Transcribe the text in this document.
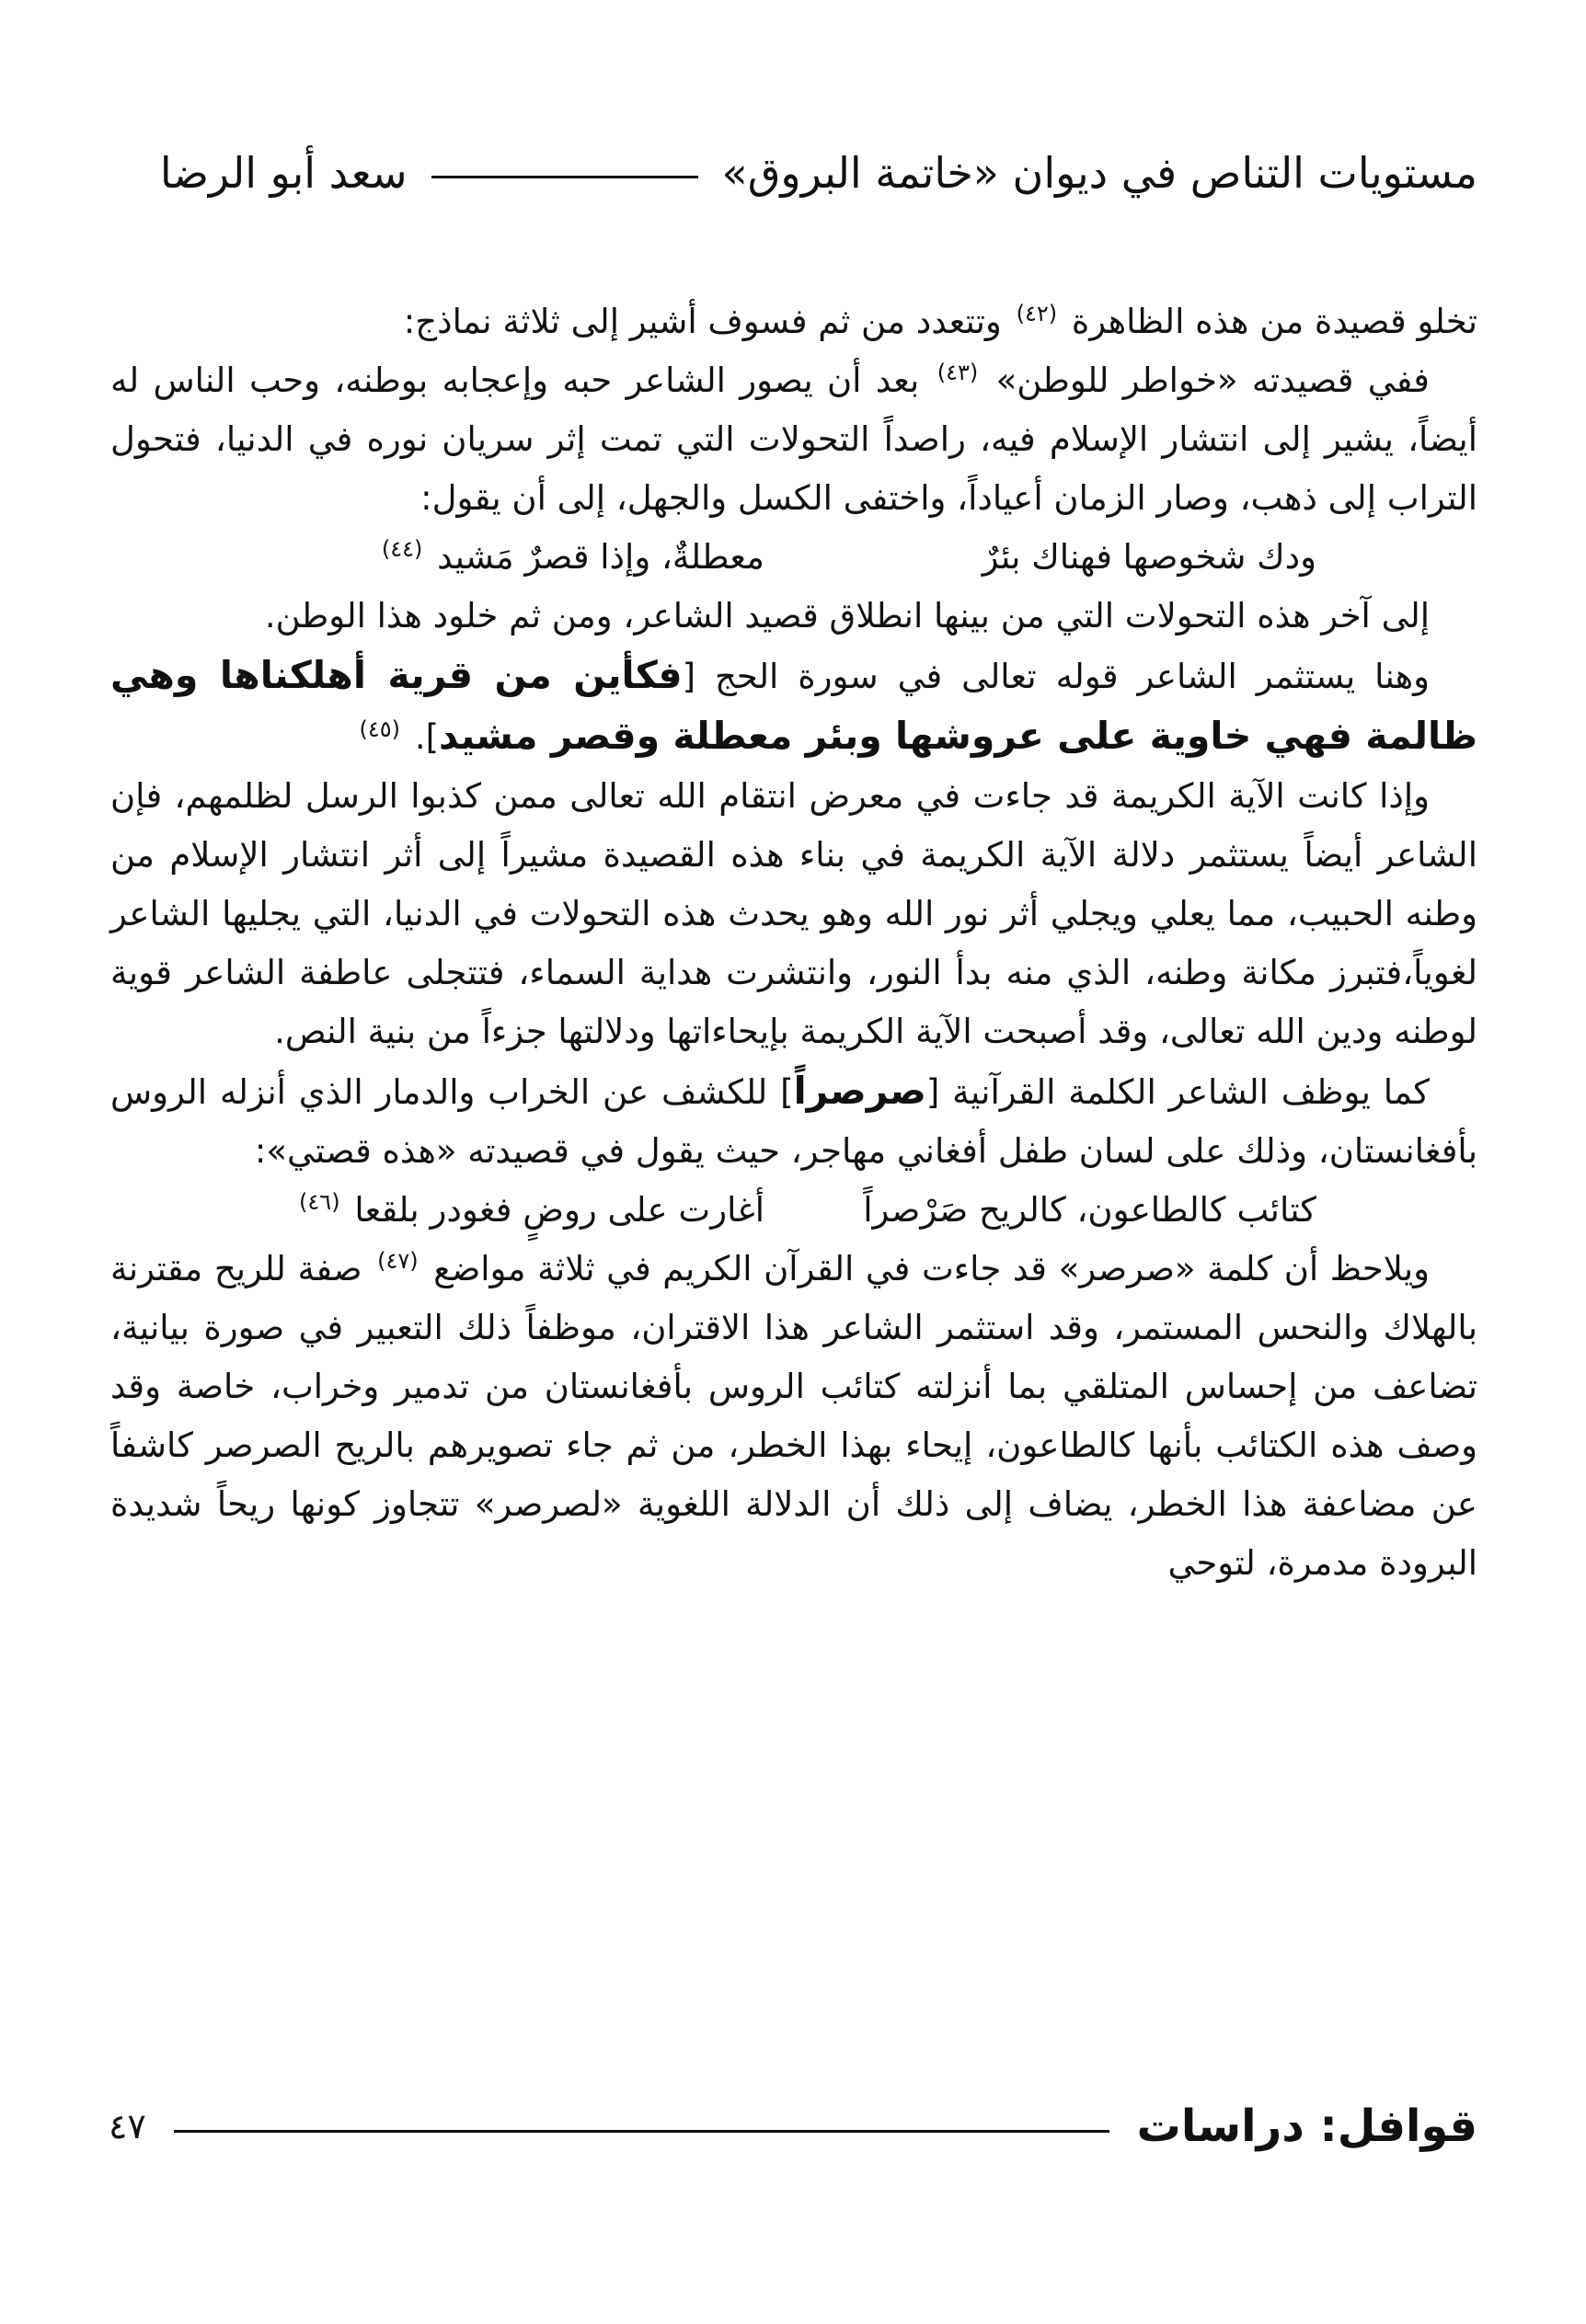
مستويات التناص في ديوان «خاتمة البروق»
سعد أبو الرضا

تخلو قصيدة من هذه الظاهرة $^{(٤٢)}$ وتتعدد من ثم فسوف أشير إلى ثلاثة نماذج:

ففي قصيدته «خواطر للوطن» $^{(٤٣)}$ بعد أن يصور الشاعر حبه وإعجابه بوطنه، وحب الناس له أيضاً، يشير إلى انتشار الإسلام فيه، راصداً التحولات التي تمت إثر سريان نوره في الدنيا، فتحول التراب إلى ذهب، وصار الزمان أعياداً، واختفى الكسل والجهل، إلى أن يقول:

ودك شخوصها فهناك بئرٌ
معطلةٌ، وإذا قصرٌ مَشيد $^{(٤٤)}$

إلى آخر هذه التحولات التي من بينها انطلاق قصيد الشاعر، ومن ثم خلود هذا الوطن.

وهنا يستثمر الشاعر قوله تعالى في سورة الحج [فكأين من قرية أهلكناها وهي ظالمة فهي خاوية على عروشها وبئر معطلة وقصر مشيد]. $^{(٤٥)}$

وإذا كانت الآية الكريمة قد جاءت في معرض انتقام الله تعالى ممن كذبوا الرسل لظلمهم، فإن الشاعر أيضاً يستثمر دلالة الآية الكريمة في بناء هذه القصيدة مشيراً إلى أثر انتشار الإسلام من وطنه الحبيب، مما يعلي ويجلي أثر نور الله وهو يحدث هذه التحولات في الدنيا، التي يجليها الشاعر لغوياً،فتبرز مكانة وطنه، الذي منه بدأ النور، وانتشرت هداية السماء، فتتجلى عاطفة الشاعر قوية لوطنه ودين الله تعالى، وقد أصبحت الآية الكريمة بإيحاءاتها ودلالتها جزءاً من بنية النص.

كما يوظف الشاعر الكلمة القرآنية [صرصراً] للكشف عن الخراب والدمار الذي أنزله الروس بأفغانستان، وذلك على لسان طفل أفغاني مهاجر، حيث يقول في قصيدته «هذه قصتي»:

كتائب كالطاعون، كالريح صَرْصراً
أغارت على روضٍ فغودر بلقعا $^{(٤٦)}$

ويلاحظ أن كلمة «صرصر» قد جاءت في القرآن الكريم في ثلاثة مواضع $^{(٤٧)}$ صفة للريح مقترنة بالهلاك والنحس المستمر، وقد استثمر الشاعر هذا الاقتران، موظفاً ذلك التعبير في صورة بيانية، تضاعف من إحساس المتلقي بما أنزلته كتائب الروس بأفغانستان من تدمير وخراب، خاصة وقد وصف هذه الكتائب بأنها كالطاعون، إيحاء بهذا الخطر، من ثم جاء تصويرهم بالريح الصرصر كاشفاً عن مضاعفة هذا الخطر، يضاف إلى ذلك أن الدلالة اللغوية «لصرصر» تتجاوز كونها ريحاً شديدة البرودة مدمرة، لتوحي

قوافل: دراسات
٤٧
